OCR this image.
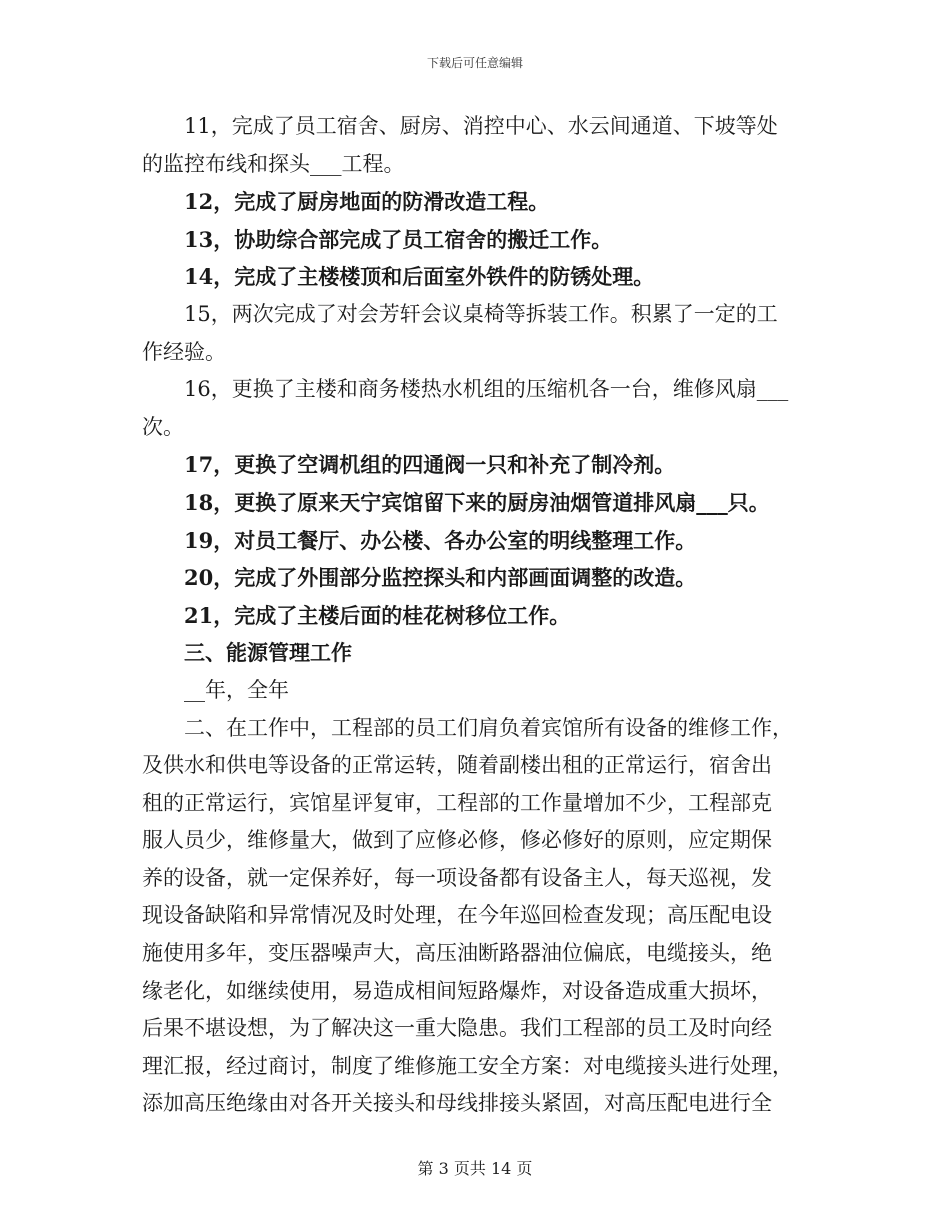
下载后可任意编辑
11，完成了员工宿舍、厨房、消控中心、水云间通道、下坡等处
的监控布线和探头___工程。
12，完成了厨房地面的防滑改造工程。
13，协助综合部完成了员工宿舍的搬迁工作。
14，完成了主楼楼顶和后面室外铁件的防锈处理。
15，两次完成了对会芳轩会议桌椅等拆装工作。积累了一定的工
作经验。
16，更换了主楼和商务楼热水机组的压缩机各一台，维修风扇___
次。
17，更换了空调机组的四通阀一只和补充了制冷剂。
18，更换了原来天宁宾馆留下来的厨房油烟管道排风扇___只。
19，对员工餐厅、办公楼、各办公室的明线整理工作。
20，完成了外围部分监控探头和内部画面调整的改造。
21，完成了主楼后面的桂花树移位工作。
三、能源管理工作
__年，全年
二、在工作中，工程部的员工们肩负着宾馆所有设备的维修工作，
及供水和供电等设备的正常运转，随着副楼出租的正常运行，宿舍出
租的正常运行，宾馆星评复审，工程部的工作量增加不少，工程部克
服人员少，维修量大，做到了应修必修，修必修好的原则，应定期保
养的设备，就一定保养好，每一项设备都有设备主人，每天巡视，发
现设备缺陷和异常情况及时处理，在今年巡回检查发现；高压配电设
施使用多年，变压器噪声大，高压油断路器油位偏底，电缆接头，绝
缘老化，如继续使用，易造成相间短路爆炸，对设备造成重大损坏，
后果不堪设想，为了解决这一重大隐患。我们工程部的员工及时向经
理汇报，经过商讨，制度了维修施工安全方案：对电缆接头进行处理，
添加高压绝缘由对各开关接头和母线排接头紧固，对高压配电进行全
第 3 页共 14 页
